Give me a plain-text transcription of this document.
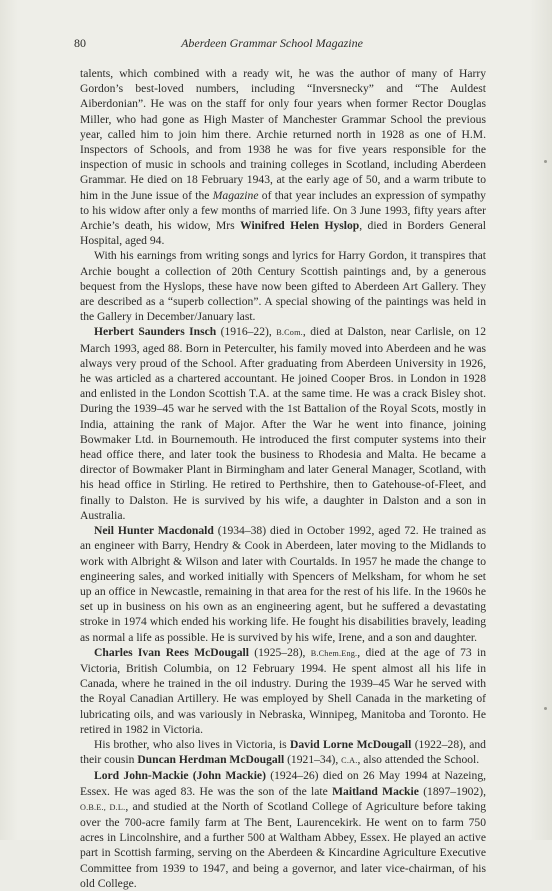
80	Aberdeen Grammar School Magazine

talents, which combined with a ready wit, he was the author of many of Harry Gordon’s best-loved numbers, including “Inversnecky” and “The Auldest Aiberdonian”. He was on the staff for only four years when former Rector Douglas Miller, who had gone as High Master of Manchester Grammar School the previous year, called him to join him there. Archie returned north in 1928 as one of H.M. Inspectors of Schools, and from 1938 he was for five years responsible for the inspection of music in schools and training colleges in Scotland, including Aberdeen Grammar. He died on 18 February 1943, at the early age of 50, and a warm tribute to him in the June issue of the Magazine of that year includes an expression of sympathy to his widow after only a few months of married life. On 3 June 1993, fifty years after Archie’s death, his widow, Mrs Winifred Helen Hyslop, died in Borders General Hospital, aged 94.

With his earnings from writing songs and lyrics for Harry Gordon, it transpires that Archie bought a collection of 20th Century Scottish paintings and, by a generous bequest from the Hyslops, these have now been gifted to Aberdeen Art Gallery. They are described as a “superb collection”. A special showing of the paintings was held in the Gallery in December/January last.

Herbert Saunders Insch (1916–22), B.Com., died at Dalston, near Carlisle, on 12 March 1993, aged 88. Born in Peterculter, his family moved into Aberdeen and he was always very proud of the School. After graduating from Aberdeen University in 1926, he was articled as a chartered accountant. He joined Cooper Bros. in London in 1928 and enlisted in the London Scottish T.A. at the same time. He was a crack Bisley shot. During the 1939–45 war he served with the 1st Battalion of the Royal Scots, mostly in India, attaining the rank of Major. After the War he went into finance, joining Bowmaker Ltd. in Bournemouth. He introduced the first computer systems into their head office there, and later took the business to Rhodesia and Malta. He became a director of Bowmaker Plant in Birmingham and later General Manager, Scotland, with his head office in Stirling. He retired to Perthshire, then to Gatehouse-of-Fleet, and finally to Dalston. He is survived by his wife, a daughter in Dalston and a son in Australia.

Neil Hunter Macdonald (1934–38) died in October 1992, aged 72. He trained as an engineer with Barry, Hendry & Cook in Aberdeen, later moving to the Midlands to work with Albright & Wilson and later with Courtalds. In 1957 he made the change to engineering sales, and worked initially with Spencers of Melksham, for whom he set up an office in Newcastle, remaining in that area for the rest of his life. In the 1960s he set up in business on his own as an engineering agent, but he suffered a devastating stroke in 1974 which ended his working life. He fought his disabilities bravely, leading as normal a life as possible. He is survived by his wife, Irene, and a son and daughter.

Charles Ivan Rees McDougall (1925–28), B.Chem.Eng., died at the age of 73 in Victoria, British Columbia, on 12 February 1994. He spent almost all his life in Canada, where he trained in the oil industry. During the 1939–45 War he served with the Royal Canadian Artillery. He was employed by Shell Canada in the marketing of lubricating oils, and was variously in Nebraska, Winnipeg, Manitoba and Toronto. He retired in 1982 in Victoria.

His brother, who also lives in Victoria, is David Lorne McDougall (1922–28), and their cousin Duncan Herdman McDougall (1921–34), C.A., also attended the School.

Lord John-Mackie (John Mackie) (1924–26) died on 26 May 1994 at Nazeing, Essex. He was aged 83. He was the son of the late Maitland Mackie (1897–1902), O.B.E., D.L., and studied at the North of Scotland College of Agriculture before taking over the 700-acre family farm at The Bent, Laurencekirk. He went on to farm 750 acres in Lincolnshire, and a further 500 at Waltham Abbey, Essex. He played an active part in Scottish farming, serving on the Aberdeen & Kincardine Agriculture Executive Committee from 1939 to 1947, and being a governor, and later vice-chairman, of his old College.
